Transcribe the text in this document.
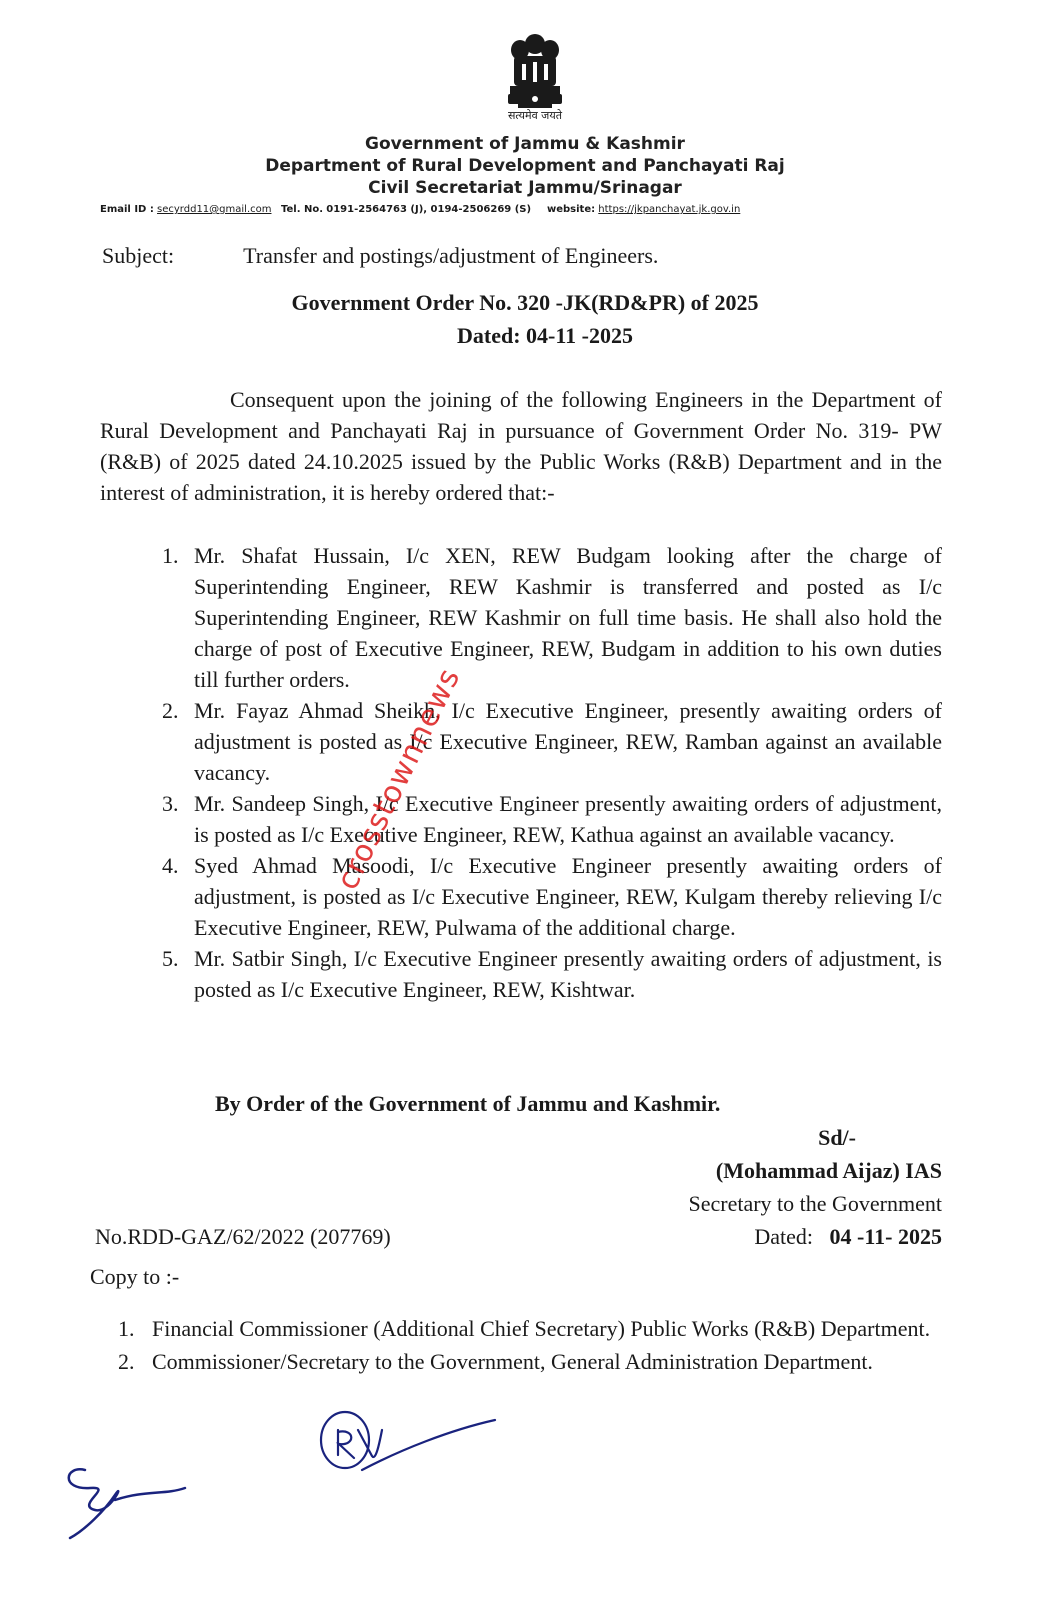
सत्यमेव जयते
Government of Jammu & Kashmir
Department of Rural Development and Panchayati Raj
Civil Secretariat Jammu/Srinagar
Email ID : secyrdd11@gmail.com Tel. No. 0191-2564763 (J), 0194-2506269 (S) website: https://jkpanchayat.jk.gov.in
Subject:	Transfer and postings/adjustment of Engineers.
Government Order No. 320 -JK(RD&PR) of 2025
Dated: 04-11 -2025
Consequent upon the joining of the following Engineers in the Department of Rural Development and Panchayati Raj in pursuance of Government Order No. 319- PW (R&B) of 2025 dated 24.10.2025 issued by the Public Works (R&B) Department and in the interest of administration, it is hereby ordered that:-
1. Mr. Shafat Hussain, I/c XEN, REW Budgam looking after the charge of Superintending Engineer, REW Kashmir is transferred and posted as I/c Superintending Engineer, REW Kashmir on full time basis. He shall also hold the charge of post of Executive Engineer, REW, Budgam in addition to his own duties till further orders.
2. Mr. Fayaz Ahmad Sheikh, I/c Executive Engineer, presently awaiting orders of adjustment is posted as I/c Executive Engineer, REW, Ramban against an available vacancy.
3. Mr. Sandeep Singh, I/c Executive Engineer presently awaiting orders of adjustment, is posted as I/c Executive Engineer, REW, Kathua against an available vacancy.
4. Syed Ahmad Masoodi, I/c Executive Engineer presently awaiting orders of adjustment, is posted as I/c Executive Engineer, REW, Kulgam thereby relieving I/c Executive Engineer, REW, Pulwama of the additional charge.
5. Mr. Satbir Singh, I/c Executive Engineer presently awaiting orders of adjustment, is posted as I/c Executive Engineer, REW, Kishtwar.
By Order of the Government of Jammu and Kashmir.
Sd/-
(Mohammad Aijaz) IAS
Secretary to the Government
Dated: 04 -11- 2025
No.RDD-GAZ/62/2022 (207769)
Copy to :-
1. Financial Commissioner (Additional Chief Secretary) Public Works (R&B) Department.
2. Commissioner/Secretary to the Government, General Administration Department.
crosstownnews
